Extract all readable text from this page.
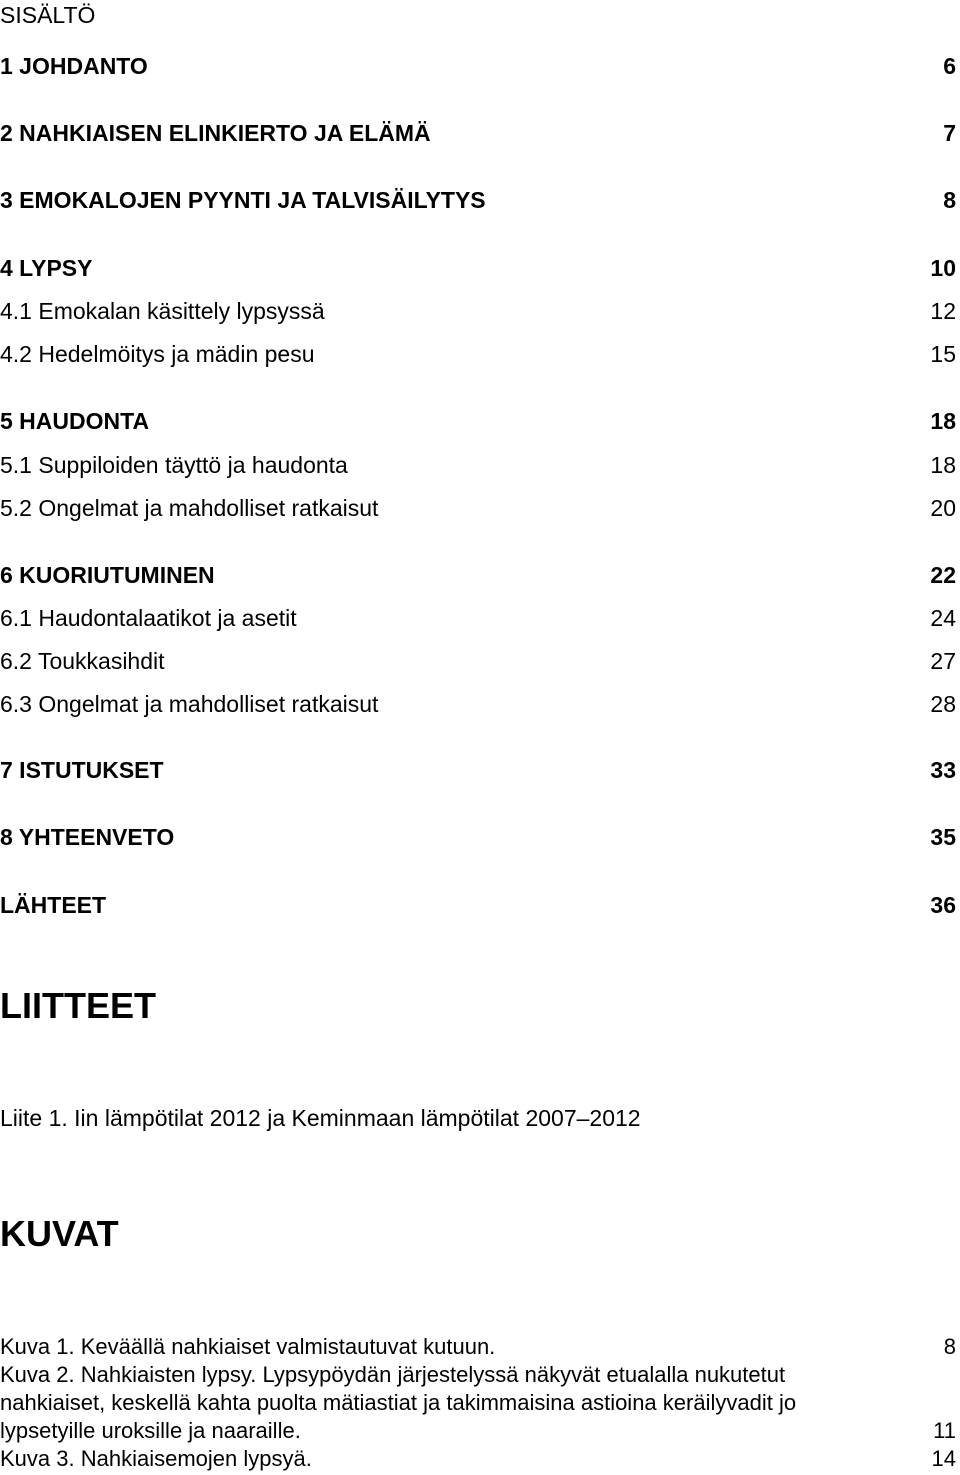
SISÄLTÖ
1 JOHDANTO	6
2 NAHKIAISEN ELINKIERTO JA ELÄMÄ	7
3 EMOKALOJEN PYYNTI JA TALVISÄILYTYS	8
4 LYPSY	10
4.1 Emokalan käsittely lypsyssä	12
4.2 Hedelmöitys ja mädin pesu	15
5 HAUDONTA	18
5.1 Suppiloiden täyttö ja haudonta	18
5.2 Ongelmat ja mahdolliset ratkaisut	20
6 KUORIUTUMINEN	22
6.1 Haudontalaatikot ja asetit	24
6.2 Toukkasihdit	27
6.3 Ongelmat ja mahdolliset ratkaisut	28
7 ISTUTUKSET	33
8 YHTEENVETO	35
LÄHTEET	36
LIITTEET
Liite 1. Iin lämpötilat 2012 ja Keminmaan lämpötilat 2007–2012
KUVAT
Kuva 1. Keväällä nahkiaiset valmistautuvat kutuun.	8
Kuva 2. Nahkiaisten lypsy. Lypsypöydän järjestelyssä näkyvät etualalla nukutetut
nahkiaiset, keskellä kahta puolta mätiastiat ja takimmaisina astioina keräilyvadit jo
lypsetyille uroksille ja naaraille.	11
Kuva 3. Nahkiaisemojen lypsyä.	14
